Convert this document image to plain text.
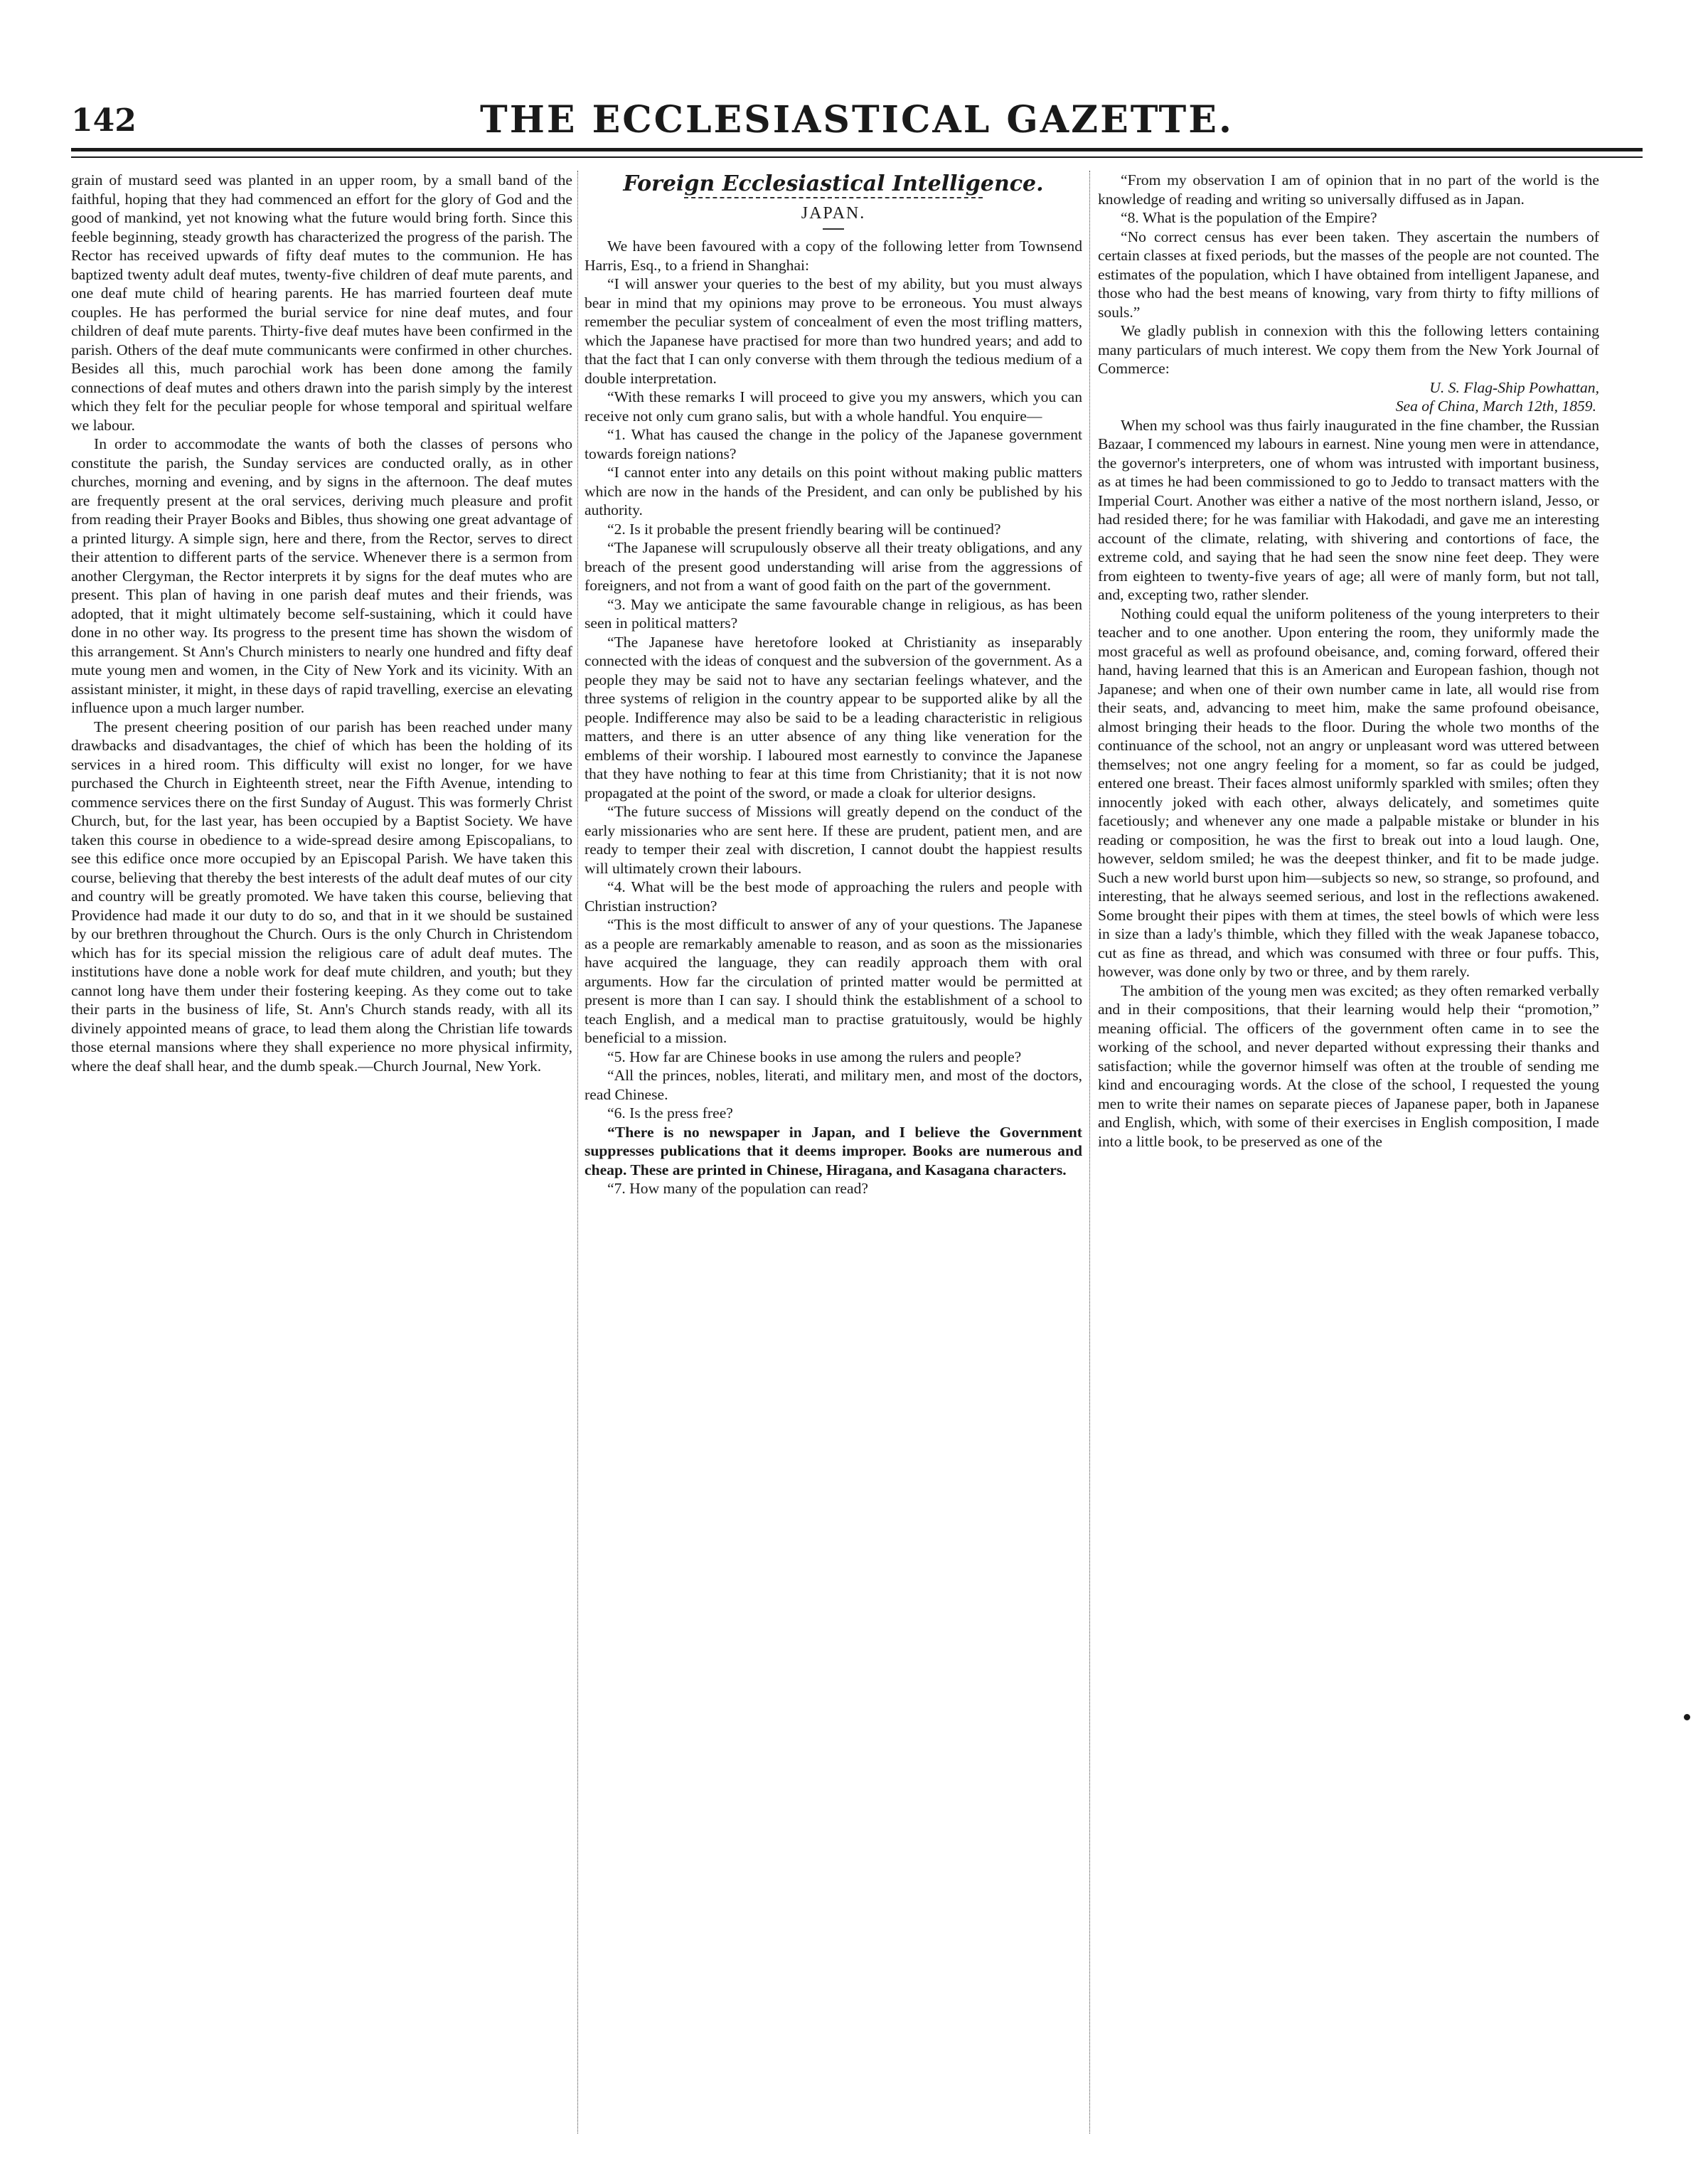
142	THE ECCLESIASTICAL GAZETTE.

grain of mustard seed was planted in an upper room, by a small band of the faithful, hoping that they had commenced an effort for the glory of God and the good of mankind, yet not knowing what the future would bring forth. Since this feeble beginning, steady growth has characterized the progress of the parish. The Rector has received upwards of fifty deaf mutes to the communion. He has baptized twenty adult deaf mutes, twenty-five children of deaf mute parents, and one deaf mute child of hearing parents. He has married fourteen deaf mute couples. He has performed the burial service for nine deaf mutes, and four children of deaf mute parents. Thirty-five deaf mutes have been confirmed in the parish. Others of the deaf mute communicants were confirmed in other churches. Besides all this, much parochial work has been done among the family connections of deaf mutes and others drawn into the parish simply by the interest which they felt for the peculiar people for whose temporal and spiritual welfare we labour.

In order to accommodate the wants of both the classes of persons who constitute the parish, the Sunday services are conducted orally, as in other churches, morning and evening, and by signs in the afternoon. The deaf mutes are frequently present at the oral services, deriving much pleasure and profit from reading their Prayer Books and Bibles, thus showing one great advantage of a printed liturgy. A simple sign, here and there, from the Rector, serves to direct their attention to different parts of the service. Whenever there is a sermon from another Clergyman, the Rector interprets it by signs for the deaf mutes who are present. This plan of having in one parish deaf mutes and their friends, was adopted, that it might ultimately become self-sustaining, which it could have done in no other way. Its progress to the present time has shown the wisdom of this arrangement. St Ann's Church ministers to nearly one hundred and fifty deaf mute young men and women, in the City of New York and its vicinity. With an assistant minister, it might, in these days of rapid travelling, exercise an elevating influence upon a much larger number.

The present cheering position of our parish has been reached under many drawbacks and disadvantages, the chief of which has been the holding of its services in a hired room. This difficulty will exist no longer, for we have purchased the Church in Eighteenth street, near the Fifth Avenue, intending to commence services there on the first Sunday of August. This was formerly Christ Church, but, for the last year, has been occupied by a Baptist Society. We have taken this course in obedience to a wide-spread desire among Episcopalians, to see this edifice once more occupied by an Episcopal Parish. We have taken this course, believing that thereby the best interests of the adult deaf mutes of our city and country will be greatly promoted. We have taken this course, believing that Providence had made it our duty to do so, and that in it we should be sustained by our brethren throughout the Church. Ours is the only Church in Christendom which has for its special mission the religious care of adult deaf mutes. The institutions have done a noble work for deaf mute children, and youth; but they cannot long have them under their fostering keeping. As they come out to take their parts in the business of life, St. Ann's Church stands ready, with all its divinely appointed means of grace, to lead them along the Christian life towards those eternal mansions where they shall experience no more physical infirmity, where the deaf shall hear, and the dumb speak.—Church Journal, New York.

Foreign Ecclesiastical Intelligence.
JAPAN.

We have been favoured with a copy of the following letter from Townsend Harris, Esq., to a friend in Shanghai:

“I will answer your queries to the best of my ability, but you must always bear in mind that my opinions may prove to be erroneous. You must always remember the peculiar system of concealment of even the most trifling matters, which the Japanese have practised for more than two hundred years; and add to that the fact that I can only converse with them through the tedious medium of a double interpretation.

“With these remarks I will proceed to give you my answers, which you can receive not only cum grano salis, but with a whole handful. You enquire—

“1. What has caused the change in the policy of the Japanese government towards foreign nations?

“I cannot enter into any details on this point without making public matters which are now in the hands of the President, and can only be published by his authority.

“2. Is it probable the present friendly bearing will be continued?

“The Japanese will scrupulously observe all their treaty obligations, and any breach of the present good understanding will arise from the aggressions of foreigners, and not from a want of good faith on the part of the government.

“3. May we anticipate the same favourable change in religious, as has been seen in political matters?

“The Japanese have heretofore looked at Christianity as inseparably connected with the ideas of conquest and the subversion of the government. As a people they may be said not to have any sectarian feelings whatever, and the three systems of religion in the country appear to be supported alike by all the people. Indifference may also be said to be a leading characteristic in religious matters, and there is an utter absence of any thing like veneration for the emblems of their worship. I laboured most earnestly to convince the Japanese that they have nothing to fear at this time from Christianity; that it is not now propagated at the point of the sword, or made a cloak for ulterior designs.

“The future success of Missions will greatly depend on the conduct of the early missionaries who are sent here. If these are prudent, patient men, and are ready to temper their zeal with discretion, I cannot doubt the happiest results will ultimately crown their labours.

“4. What will be the best mode of approaching the rulers and people with Christian instruction?

“This is the most difficult to answer of any of your questions. The Japanese as a people are remarkably amenable to reason, and as soon as the missionaries have acquired the language, they can readily approach them with oral arguments. How far the circulation of printed matter would be permitted at present is more than I can say. I should think the establishment of a school to teach English, and a medical man to practise gratuitously, would be highly beneficial to a mission.

“5. How far are Chinese books in use among the rulers and people?

“All the princes, nobles, literati, and military men, and most of the doctors, read Chinese.

“6. Is the press free?

“There is no newspaper in Japan, and I believe the Government suppresses publications that it deems improper. Books are numerous and cheap. These are printed in Chinese, Hiragana, and Kasagana characters.

“7. How many of the population can read?

“From my observation I am of opinion that in no part of the world is the knowledge of reading and writing so universally diffused as in Japan.

“8. What is the population of the Empire?

“No correct census has ever been taken. They ascertain the numbers of certain classes at fixed periods, but the masses of the people are not counted. The estimates of the population, which I have obtained from intelligent Japanese, and those who had the best means of knowing, vary from thirty to fifty millions of souls.”

We gladly publish in connexion with this the following letters containing many particulars of much interest. We copy them from the New York Journal of Commerce:

U. S. Flag-Ship Powhattan,

Sea of China, March 12th, 1859.

When my school was thus fairly inaugurated in the fine chamber, the Russian Bazaar, I commenced my labours in earnest. Nine young men were in attendance, the governor's interpreters, one of whom was intrusted with important business, as at times he had been commissioned to go to Jeddo to transact matters with the Imperial Court. Another was either a native of the most northern island, Jesso, or had resided there; for he was familiar with Hakodadi, and gave me an interesting account of the climate, relating, with shivering and contortions of face, the extreme cold, and saying that he had seen the snow nine feet deep. They were from eighteen to twenty-five years of age; all were of manly form, but not tall, and, excepting two, rather slender.

Nothing could equal the uniform politeness of the young interpreters to their teacher and to one another. Upon entering the room, they uniformly made the most graceful as well as profound obeisance, and, coming forward, offered their hand, having learned that this is an American and European fashion, though not Japanese; and when one of their own number came in late, all would rise from their seats, and, advancing to meet him, make the same profound obeisance, almost bringing their heads to the floor. During the whole two months of the continuance of the school, not an angry or unpleasant word was uttered between themselves; not one angry feeling for a moment, so far as could be judged, entered one breast. Their faces almost uniformly sparkled with smiles; often they innocently joked with each other, always delicately, and sometimes quite facetiously; and whenever any one made a palpable mistake or blunder in his reading or composition, he was the first to break out into a loud laugh. One, however, seldom smiled; he was the deepest thinker, and fit to be made judge. Such a new world burst upon him—subjects so new, so strange, so profound, and interesting, that he always seemed serious, and lost in the reflections awakened. Some brought their pipes with them at times, the steel bowls of which were less in size than a lady's thimble, which they filled with the weak Japanese tobacco, cut as fine as thread, and which was consumed with three or four puffs. This, however, was done only by two or three, and by them rarely.

The ambition of the young men was excited; as they often remarked verbally and in their compositions, that their learning would help their “promotion,” meaning official. The officers of the government often came in to see the working of the school, and never departed without expressing their thanks and satisfaction; while the governor himself was often at the trouble of sending me kind and encouraging words. At the close of the school, I requested the young men to write their names on separate pieces of Japanese paper, both in Japanese and English, which, with some of their exercises in English composition, I made into a little book, to be preserved as one of the
